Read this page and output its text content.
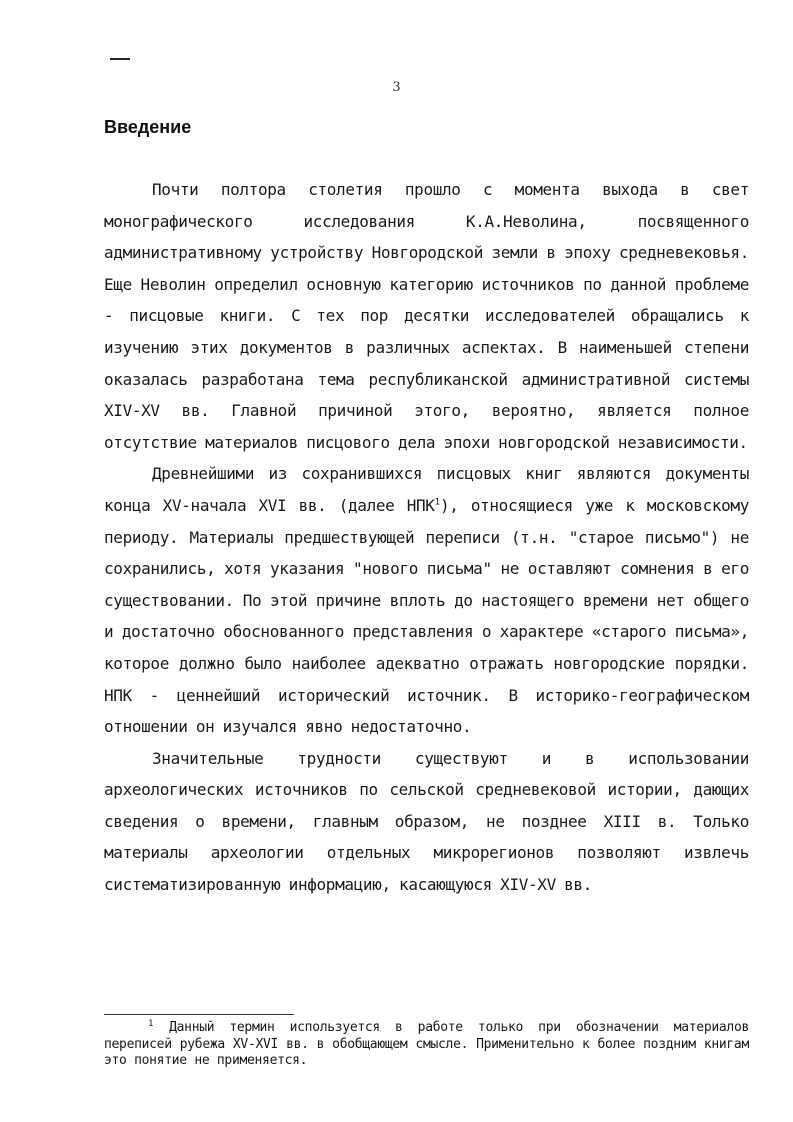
3
Введение

Почти полтора столетия прошло с момента выхода в свет монографического исследования К.А.Неволина, посвященного административному устройству Новгородской земли в эпоху средневековья. Еще Неволин определил основную категорию источников по данной проблеме - писцовые книги. С тех пор десятки исследователей обращались к изучению этих документов в различных аспектах. В наименьшей степени оказалась разработана тема республиканской административной системы XIV-XV вв. Главной причиной этого, вероятно, является полное отсутствие материалов писцового дела эпохи новгородской независимости.

Древнейшими из сохранившихся писцовых книг являются документы конца XV-начала XVI вв. (далее НПК$^1$), относящиеся уже к московскому периоду. Материалы предшествующей переписи (т.н. "старое письмо") не сохранились, хотя указания "нового письма" не оставляют сомнения в его существовании. По этой причине вплоть до настоящего времени нет общего и достаточно обоснованного представления о характере «старого письма», которое должно было наиболее адекватно отражать новгородские порядки. НПК - ценнейший исторический источник. В историко-географическом отношении он изучался явно недостаточно.

Значительные трудности существуют и в использовании археологических источников по сельской средневековой истории, дающих сведения о времени, главным образом, не позднее XIII в. Только материалы археологии отдельных микрорегионов позволяют извлечь систематизированную информацию, касающуюся XIV-XV вв.

$^1$ Данный термин используется в работе только при обозначении материалов переписей рубежа XV-XVI вв. в обобщающем смысле. Применительно к более поздним книгам это понятие не применяется.
